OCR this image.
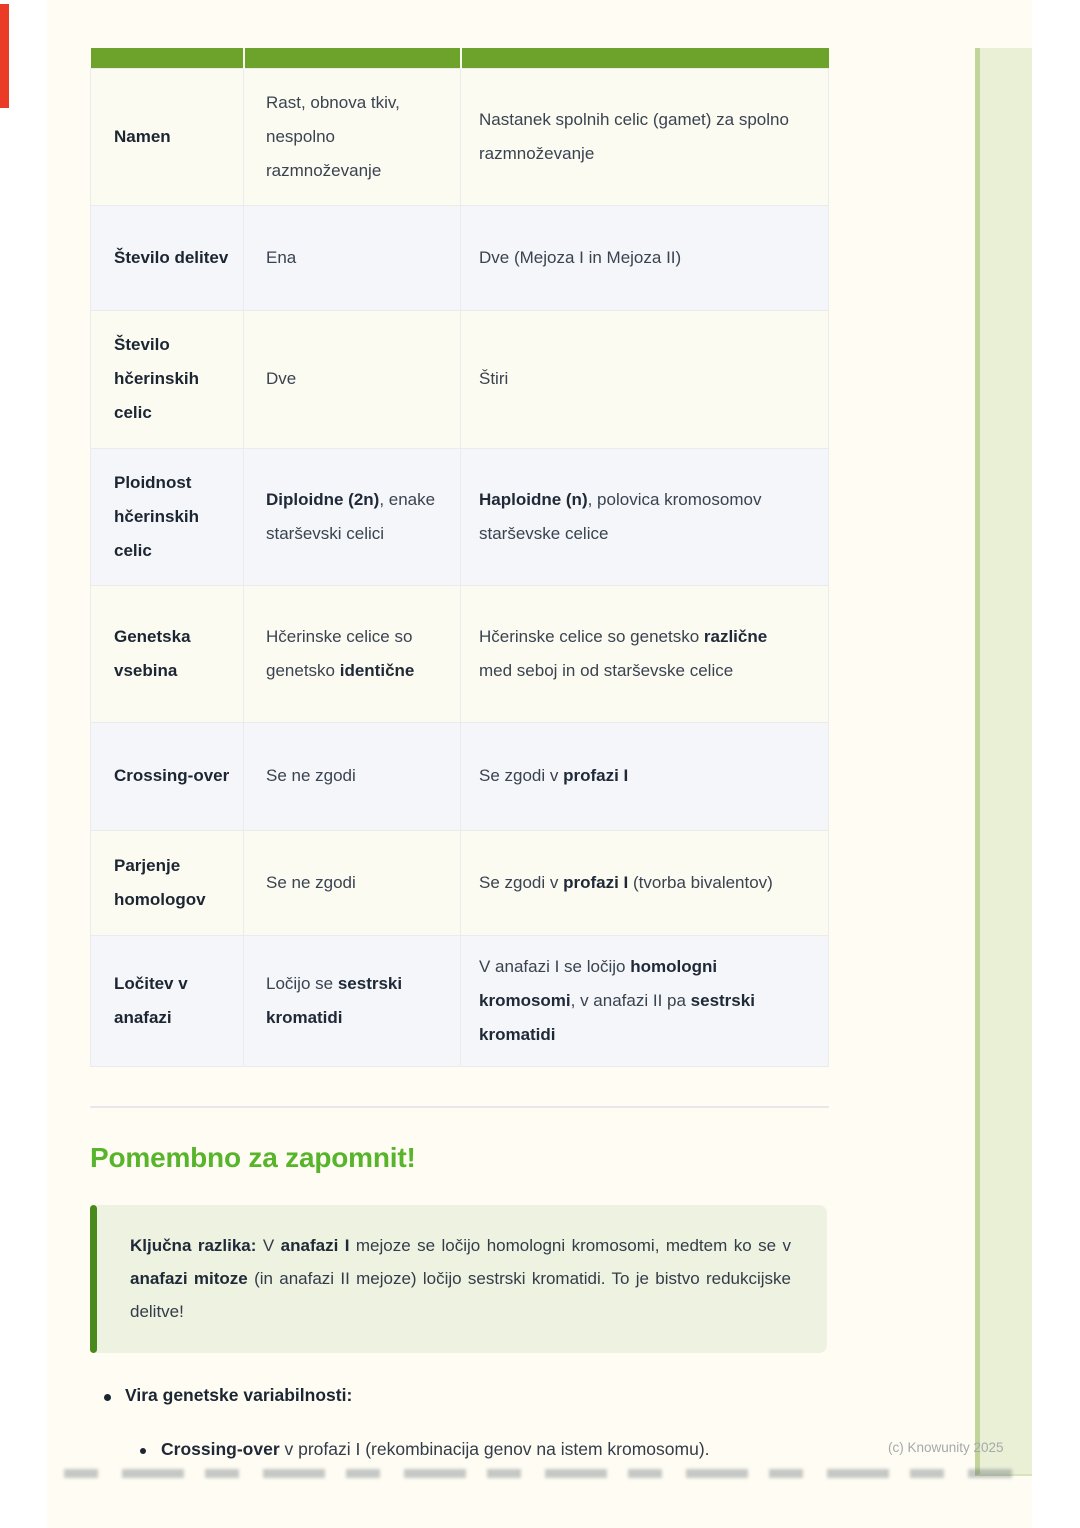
Namen	Rast, obnova tkiv, nespolno razmnoževanje	Nastanek spolnih celic (gamet) za spolno razmnoževanje
Število delitev	Ena	Dve (Mejoza I in Mejoza II)
Število hčerinskih celic	Dve	Štiri
Ploidnost hčerinskih celic	Diploidne (2n), enake starševski celici	Haploidne (n), polovica kromosomov starševske celice
Genetska vsebina	Hčerinske celice so genetsko identične	Hčerinske celice so genetsko različne med seboj in od starševske celice
Crossing-over	Se ne zgodi	Se zgodi v profazi I
Parjenje homologov	Se ne zgodi	Se zgodi v profazi I (tvorba bivalentov)
Ločitev v anafazi	Ločijo se sestrski kromatidi	V anafazi I se ločijo homologni kromosomi, v anafazi II pa sestrski kromatidi
Pomembno za zapomnit!
Ključna razlika: V anafazi I mejoze se ločijo homologni kromosomi, medtem ko se v anafazi mitoze (in anafazi II mejoze) ločijo sestrski kromatidi. To je bistvo redukcijske delitve!
Vira genetske variabilnosti:
Crossing-over v profazi I (rekombinacija genov na istem kromosomu).	(c) Knowunity 2025
